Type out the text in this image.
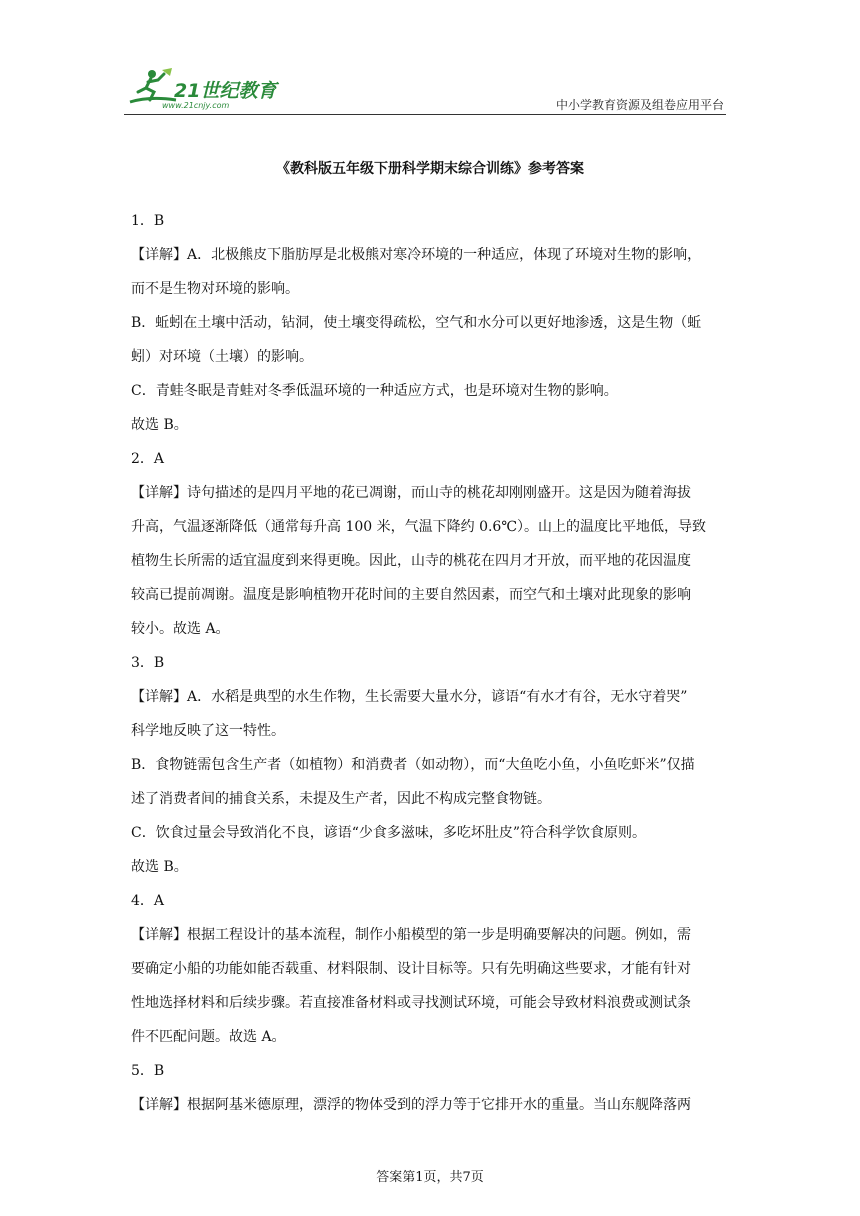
21世纪教育
www.21cnjy.com	中小学教育资源及组卷应用平台
《教科版五年级下册科学期末综合训练》参考答案

1．B

【详解】A．北极熊皮下脂肪厚是北极熊对寒冷环境的一种适应，体现了环境对生物的影响，

而不是生物对环境的影响。

B．蚯蚓在土壤中活动，钻洞，使土壤变得疏松，空气和水分可以更好地渗透，这是生物（蚯

蚓）对环境（土壤）的影响。

C．青蛙冬眠是青蛙对冬季低温环境的一种适应方式，也是环境对生物的影响。

故选 B。

2．A

【详解】诗句描述的是四月平地的花已凋谢，而山寺的桃花却刚刚盛开。这是因为随着海拔

升高，气温逐渐降低（通常每升高 100 米，气温下降约 0.6℃）。山上的温度比平地低，导致

植物生长所需的适宜温度到来得更晚。因此，山寺的桃花在四月才开放，而平地的花因温度

较高已提前凋谢。温度是影响植物开花时间的主要自然因素，而空气和土壤对此现象的影响

较小。故选 A。

3．B

【详解】A．水稻是典型的水生作物，生长需要大量水分，谚语“有水才有谷，无水守着哭”

科学地反映了这一特性。

B．食物链需包含生产者（如植物）和消费者（如动物），而“大鱼吃小鱼，小鱼吃虾米”仅描

述了消费者间的捕食关系，未提及生产者，因此不构成完整食物链。

C．饮食过量会导致消化不良，谚语“少食多滋味，多吃坏肚皮”符合科学饮食原则。

故选 B。

4．A

【详解】根据工程设计的基本流程，制作小船模型的第一步是明确要解决的问题。例如，需

要确定小船的功能如能否载重、材料限制、设计目标等。只有先明确这些要求，才能有针对

性地选择材料和后续步骤。若直接准备材料或寻找测试环境，可能会导致材料浪费或测试条

件不匹配问题。故选 A。

5．B

【详解】根据阿基米德原理，漂浮的物体受到的浮力等于它排开水的重量。当山东舰降落两

答案第1页，共7页
